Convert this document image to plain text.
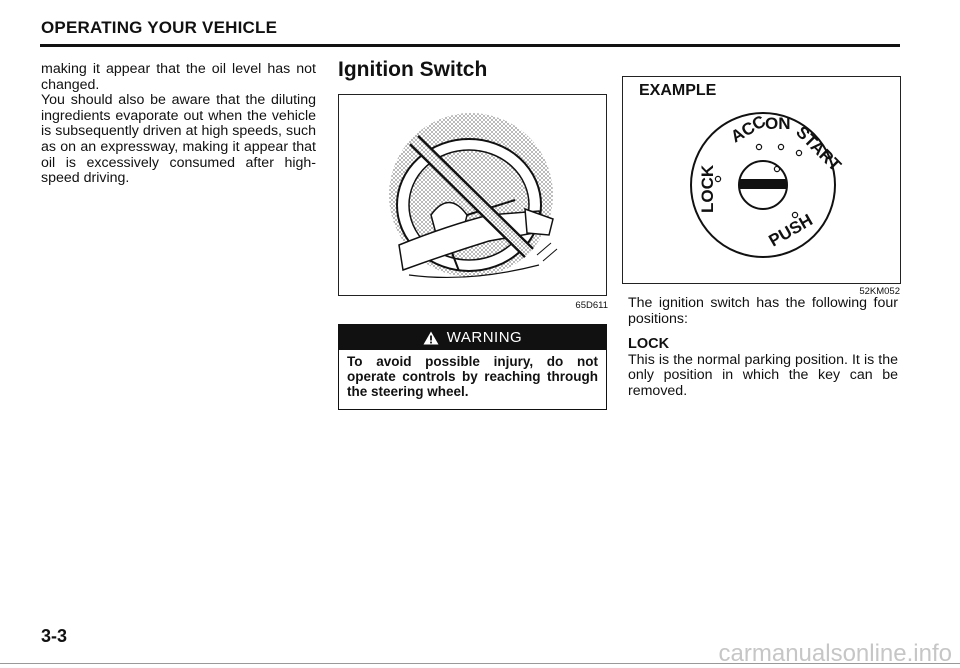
OPERATING YOUR VEHICLE

making it appear that the oil level has not changed.

You should also be aware that the diluting ingredients evaporate out when the vehicle is subsequently driven at high speeds, such as on an expressway, making it appear that oil is excessively consumed after high-speed driving.

Ignition Switch
65D611
WARNING
To avoid possible injury, do not operate controls by reaching through the steering wheel.
EXAMPLE
ACC
ON START
LOCK
PUSH
52KM052

The ignition switch has the following four positions:

LOCK

This is the normal parking position. It is the only position in which the key can be removed.

3-3
carmanualsonline.info
